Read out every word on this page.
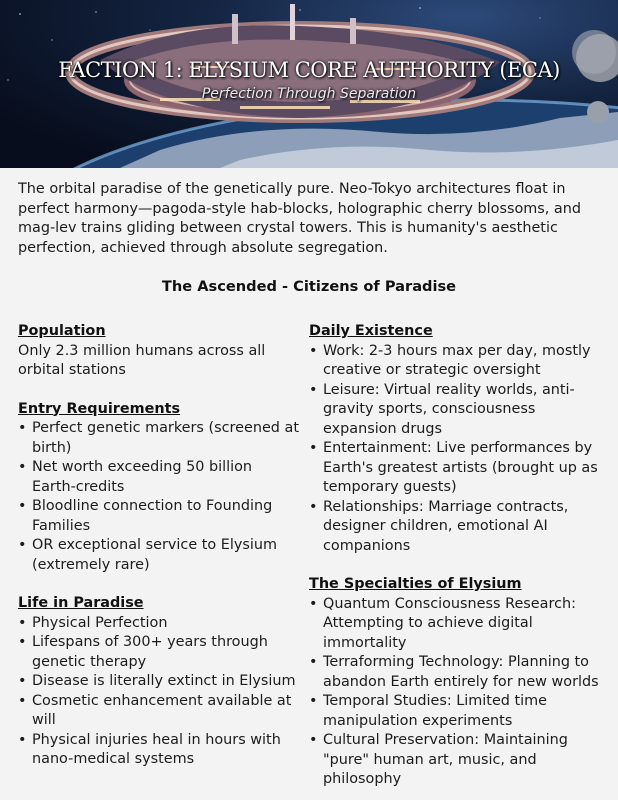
FACTION 1: ELYSIUM CORE AUTHORITY (ECA)
Perfection Through Separation

The orbital paradise of the genetically pure. Neo-Tokyo architectures float in perfect harmony—pagoda-style hab-blocks, holographic cherry blossoms, and mag-lev trains gliding between crystal towers. This is humanity's aesthetic perfection, achieved through absolute segregation.

The Ascended - Citizens of Paradise
Population
Only 2.3 million humans across all orbital stations
Entry Requirements
• Perfect genetic markers (screened at birth)
• Net worth exceeding 50 billion Earth-credits
• Bloodline connection to Founding Families
• OR exceptional service to Elysium (extremely rare)
Life in Paradise
• Physical Perfection
• Lifespans of 300+ years through genetic therapy
• Disease is literally extinct in Elysium
• Cosmetic enhancement available at will
• Physical injuries heal in hours with nano-medical systems
Daily Existence
• Work: 2-3 hours max per day, mostly creative or strategic oversight
• Leisure: Virtual reality worlds, anti-gravity sports, consciousness expansion drugs
• Entertainment: Live performances by Earth's greatest artists (brought up as temporary guests)
• Relationships: Marriage contracts, designer children, emotional AI companions
The Specialties of Elysium
• Quantum Consciousness Research: Attempting to achieve digital immortality
• Terraforming Technology: Planning to abandon Earth entirely for new worlds
• Temporal Studies: Limited time manipulation experiments
• Cultural Preservation: Maintaining "pure" human art, music, and philosophy
